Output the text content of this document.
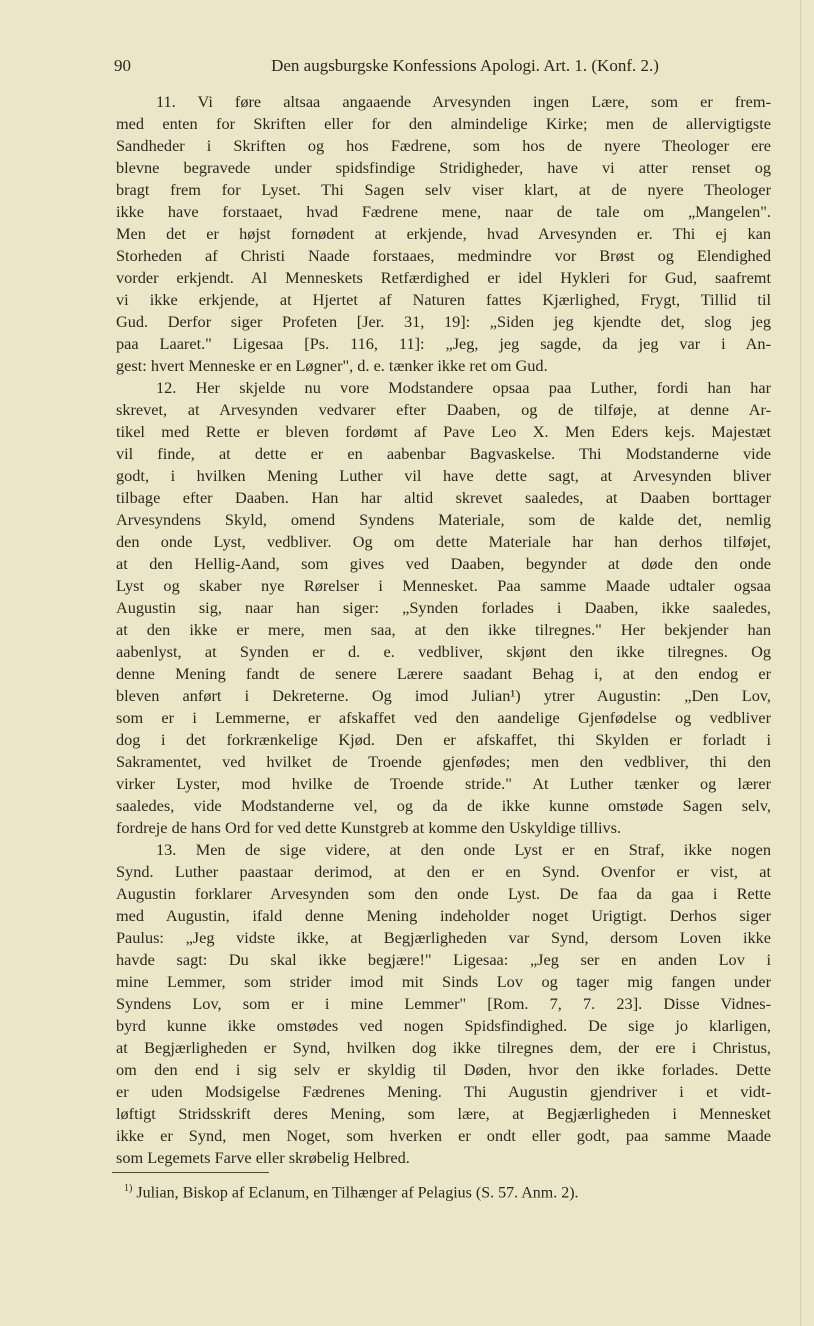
90	Den augsburgske Konfessions Apologi. Art. 1. (Konf. 2.)
11. Vi føre altsaa angaaende Arvesynden ingen Lære, som er frem-
med enten for Skriften eller for den almindelige Kirke; men de allervigtigste
Sandheder i Skriften og hos Fædrene, som hos de nyere Theologer ere
blevne begravede under spidsfindige Stridigheder, have vi atter renset og
bragt frem for Lyset. Thi Sagen selv viser klart, at de nyere Theologer
ikke have forstaaet, hvad Fædrene mene, naar de tale om „Mangelen".
Men det er højst fornødent at erkjende, hvad Arvesynden er. Thi ej kan
Storheden af Christi Naade forstaaes, medmindre vor Brøst og Elendighed
vorder erkjendt. Al Menneskets Retfærdighed er idel Hykleri for Gud, saafremt
vi ikke erkjende, at Hjertet af Naturen fattes Kjærlighed, Frygt, Tillid til
Gud. Derfor siger Profeten [Jer. 31, 19]: „Siden jeg kjendte det, slog jeg
paa Laaret." Ligesaa [Ps. 116, 11]: „Jeg, jeg sagde, da jeg var i An-
gest: hvert Menneske er en Løgner", d. e. tænker ikke ret om Gud.
12. Her skjelde nu vore Modstandere opsaa paa Luther, fordi han har
skrevet, at Arvesynden vedvarer efter Daaben, og de tilføje, at denne Ar-
tikel med Rette er bleven fordømt af Pave Leo X. Men Eders kejs. Majestæt
vil finde, at dette er en aabenbar Bagvaskelse. Thi Modstanderne vide
godt, i hvilken Mening Luther vil have dette sagt, at Arvesynden bliver
tilbage efter Daaben. Han har altid skrevet saaledes, at Daaben borttager
Arvesyndens Skyld, omend Syndens Materiale, som de kalde det, nemlig
den onde Lyst, vedbliver. Og om dette Materiale har han derhos tilføjet,
at den Hellig-Aand, som gives ved Daaben, begynder at døde den onde
Lyst og skaber nye Rørelser i Mennesket. Paa samme Maade udtaler ogsaa
Augustin sig, naar han siger: „Synden forlades i Daaben, ikke saaledes,
at den ikke er mere, men saa, at den ikke tilregnes." Her bekjender han
aabenlyst, at Synden er d. e. vedbliver, skjønt den ikke tilregnes. Og
denne Mening fandt de senere Lærere saadant Behag i, at den endog er
bleven anført i Dekreterne. Og imod Julian¹) ytrer Augustin: „Den Lov,
som er i Lemmerne, er afskaffet ved den aandelige Gjenfødelse og vedbliver
dog i det forkrænkelige Kjød. Den er afskaffet, thi Skylden er forladt i
Sakramentet, ved hvilket de Troende gjenfødes; men den vedbliver, thi den
virker Lyster, mod hvilke de Troende stride." At Luther tænker og lærer
saaledes, vide Modstanderne vel, og da de ikke kunne omstøde Sagen selv,
fordreje de hans Ord for ved dette Kunstgreb at komme den Uskyldige tillivs.
13. Men de sige videre, at den onde Lyst er en Straf, ikke nogen
Synd. Luther paastaar derimod, at den er en Synd. Ovenfor er vist, at
Augustin forklarer Arvesynden som den onde Lyst. De faa da gaa i Rette
med Augustin, ifald denne Mening indeholder noget Urigtigt. Derhos siger
Paulus: „Jeg vidste ikke, at Begjærligheden var Synd, dersom Loven ikke
havde sagt: Du skal ikke begjære!" Ligesaa: „Jeg ser en anden Lov i
mine Lemmer, som strider imod mit Sinds Lov og tager mig fangen under
Syndens Lov, som er i mine Lemmer" [Rom. 7, 7. 23]. Disse Vidnes-
byrd kunne ikke omstødes ved nogen Spidsfindighed. De sige jo klarligen,
at Begjærligheden er Synd, hvilken dog ikke tilregnes dem, der ere i Christus,
om den end i sig selv er skyldig til Døden, hvor den ikke forlades. Dette
er uden Modsigelse Fædrenes Mening. Thi Augustin gjendriver i et vidt-
løftigt Stridsskrift deres Mening, som lære, at Begjærligheden i Mennesket
ikke er Synd, men Noget, som hverken er ondt eller godt, paa samme Maade
som Legemets Farve eller skrøbelig Helbred.
$^{1)}$ Julian, Biskop af Eclanum, en Tilhænger af Pelagius (S. 57. Anm. 2).
